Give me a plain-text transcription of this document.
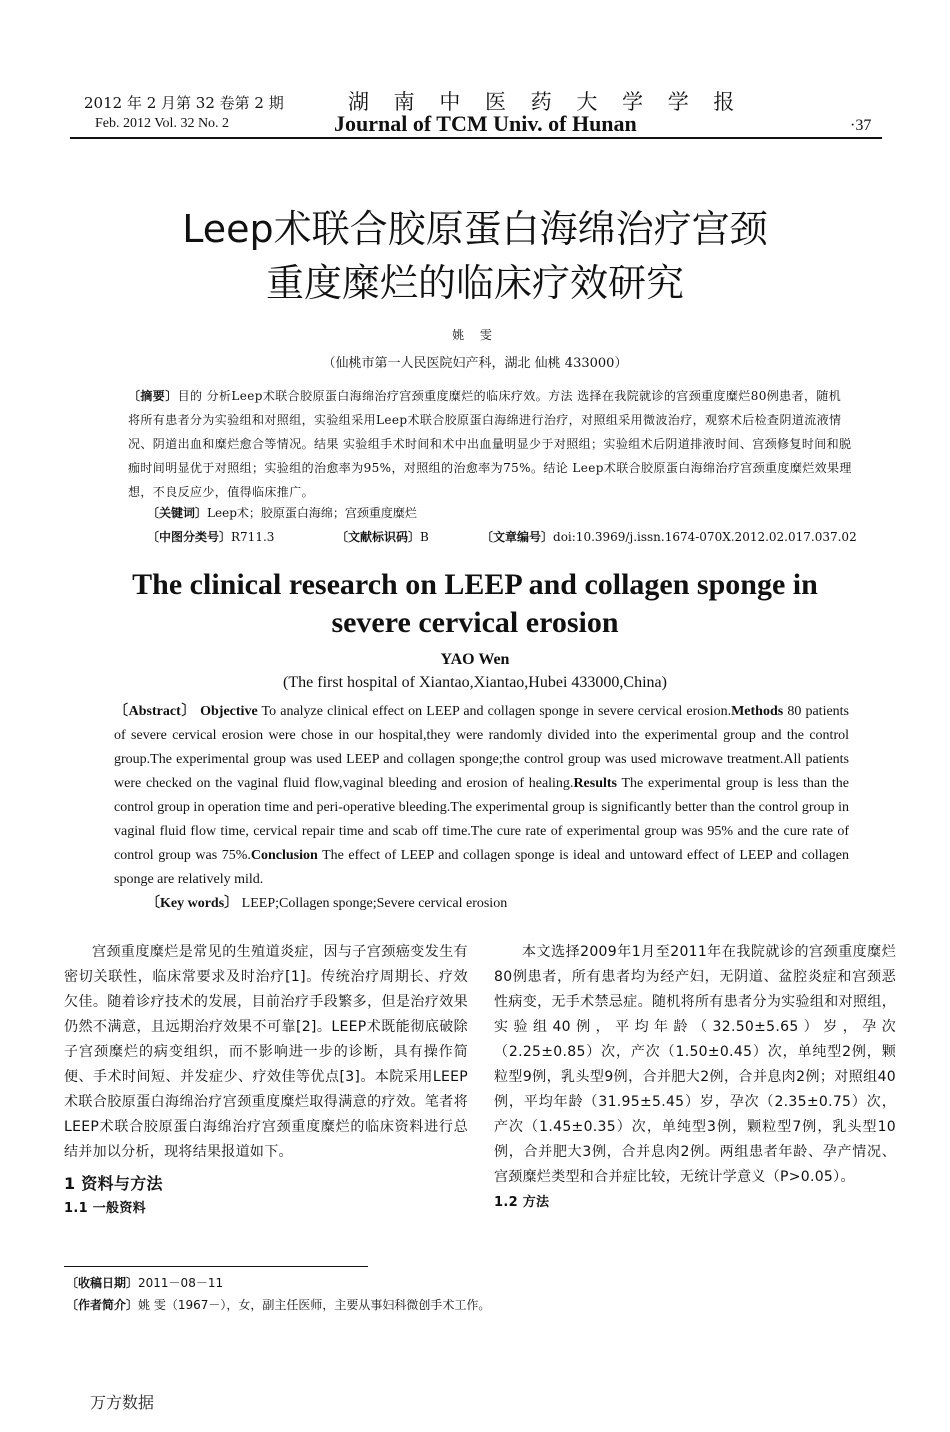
2012 年 2 月第 32 卷第 2 期
Feb. 2012 Vol. 32 No. 2
湖 南 中 医 药 大 学 学 报
Journal of TCM Univ. of Hunan	·37
Leep术联合胶原蛋白海绵治疗宫颈
重度糜烂的临床疗效研究
姚 雯
（仙桃市第一人民医院妇产科，湖北 仙桃 433000）
〔摘要〕目的 分析Leep术联合胶原蛋白海绵治疗宫颈重度糜烂的临床疗效。方法 选择在我院就诊的宫颈重度糜烂80例患者，随机将所有患者分为实验组和对照组，实验组采用Leep术联合胶原蛋白海绵进行治疗，对照组采用微波治疗，观察术后检查阴道流液情况、阴道出血和糜烂愈合等情况。结果 实验组手术时间和术中出血量明显少于对照组；实验组术后阴道排液时间、宫颈修复时间和脱痂时间明显优于对照组；实验组的治愈率为95%，对照组的治愈率为75%。结论 Leep术联合胶原蛋白海绵治疗宫颈重度糜烂效果理想，不良反应少，值得临床推广。
〔关键词〕Leep术；胶原蛋白海绵；宫颈重度糜烂
〔中图分类号〕R711.3	〔文献标识码〕B	〔文章编号〕doi:10.3969/j.issn.1674-070X.2012.02.017.037.02
The clinical research on LEEP and collagen sponge in
severe cervical erosion
YAO Wen
(The first hospital of Xiantao,Xiantao,Hubei 433000,China)
〔Abstract〕 Objective To analyze clinical effect on LEEP and collagen sponge in severe cervical erosion.Methods 80 patients of severe cervical erosion were chose in our hospital,they were randomly divided into the experimental group and the control group.The experimental group was used LEEP and collagen sponge;the control group was used microwave treatment.All patients were checked on the vaginal fluid flow,vaginal bleeding and erosion of healing.Results The experimental group is less than the control group in operation time and peri-operative bleeding.The experimental group is significantly better than the control group in vaginal fluid flow time, cervical repair time and scab off time.The cure rate of experimental group was 95% and the cure rate of control group was 75%.Conclusion The effect of LEEP and collagen sponge is ideal and untoward effect of LEEP and collagen sponge are relatively mild.
〔Key words〕 LEEP;Collagen sponge;Severe cervical erosion

宫颈重度糜烂是常见的生殖道炎症，因与子宫颈癌变发生有密切关联性，临床常要求及时治疗[1]。传统治疗周期长、疗效欠佳。随着诊疗技术的发展，目前治疗手段繁多，但是治疗效果仍然不满意，且远期治疗效果不可靠[2]。LEEP术既能彻底破除子宫颈糜烂的病变组织，而不影响进一步的诊断，具有操作简便、手术时间短、并发症少、疗效佳等优点[3]。本院采用LEEP术联合胶原蛋白海绵治疗宫颈重度糜烂取得满意的疗效。笔者将LEEP术联合胶原蛋白海绵治疗宫颈重度糜烂的临床资料进行总结并加以分析，现将结果报道如下。

1 资料与方法
1.1 一般资料

本文选择2009年1月至2011年在我院就诊的宫颈重度糜烂80例患者，所有患者均为经产妇，无阴道、盆腔炎症和宫颈恶性病变，无手术禁忌症。随机将所有患者分为实验组和对照组，实验组40例，平均年龄（32.50±5.65）岁，孕次（2.25±0.85）次，产次（1.50±0.45）次，单纯型2例，颗粒型9例，乳头型9例，合并肥大2例，合并息肉2例；对照组40例，平均年龄（31.95±5.45）岁，孕次（2.35±0.75）次，产次（1.45±0.35）次，单纯型3例，颗粒型7例，乳头型10例，合并肥大3例，合并息肉2例。两组患者年龄、孕产情况、宫颈糜烂类型和合并症比较，无统计学意义（P>0.05）。

1.2 方法
〔收稿日期〕2011－08－11
〔作者简介〕姚 雯（1967－），女，副主任医师，主要从事妇科微创手术工作。
万方数据
